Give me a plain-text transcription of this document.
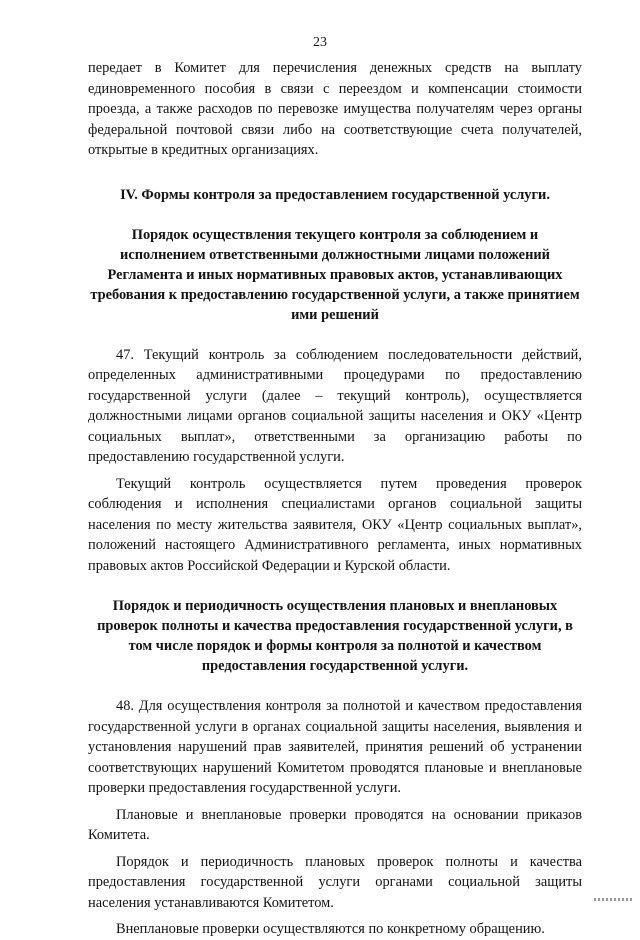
23

передает в Комитет для перечисления денежных средств на выплату единовременного пособия в связи с переездом и компенсации стоимости проезда, а также расходов по перевозке имущества получателям через органы федеральной почтовой связи либо на соответствующие счета получателей, открытые в кредитных организациях.

IV. Формы контроля за предоставлением государственной услуги.

Порядок осуществления текущего контроля за соблюдением и исполнением ответственными должностными лицами положений Регламента и иных нормативных правовых актов, устанавливающих требования к предоставлению государственной услуги, а также принятием ими решений

47. Текущий контроль за соблюдением последовательности действий, определенных административными процедурами по предоставлению государственной услуги (далее – текущий контроль), осуществляется должностными лицами органов социальной защиты населения и ОКУ «Центр социальных выплат», ответственными за организацию работы по предоставлению государственной услуги.

Текущий контроль осуществляется путем проведения проверок соблюдения и исполнения специалистами органов социальной защиты населения по месту жительства заявителя, ОКУ «Центр социальных выплат», положений настоящего Административного регламента, иных нормативных правовых актов Российской Федерации и Курской области.

Порядок и периодичность осуществления плановых и внеплановых проверок полноты и качества предоставления государственной услуги, в том числе порядок и формы контроля за полнотой и качеством предоставления государственной услуги.

48. Для осуществления контроля за полнотой и качеством предоставления государственной услуги в органах социальной защиты населения, выявления и установления нарушений прав заявителей, принятия решений об устранении соответствующих нарушений Комитетом проводятся плановые и внеплановые проверки предоставления государственной услуги.

Плановые и внеплановые проверки проводятся на основании приказов Комитета.

Порядок и периодичность плановых проверок полноты и качества предоставления государственной услуги органами социальной защиты населения устанавливаются Комитетом.

Внеплановые проверки осуществляются по конкретному обращению.
